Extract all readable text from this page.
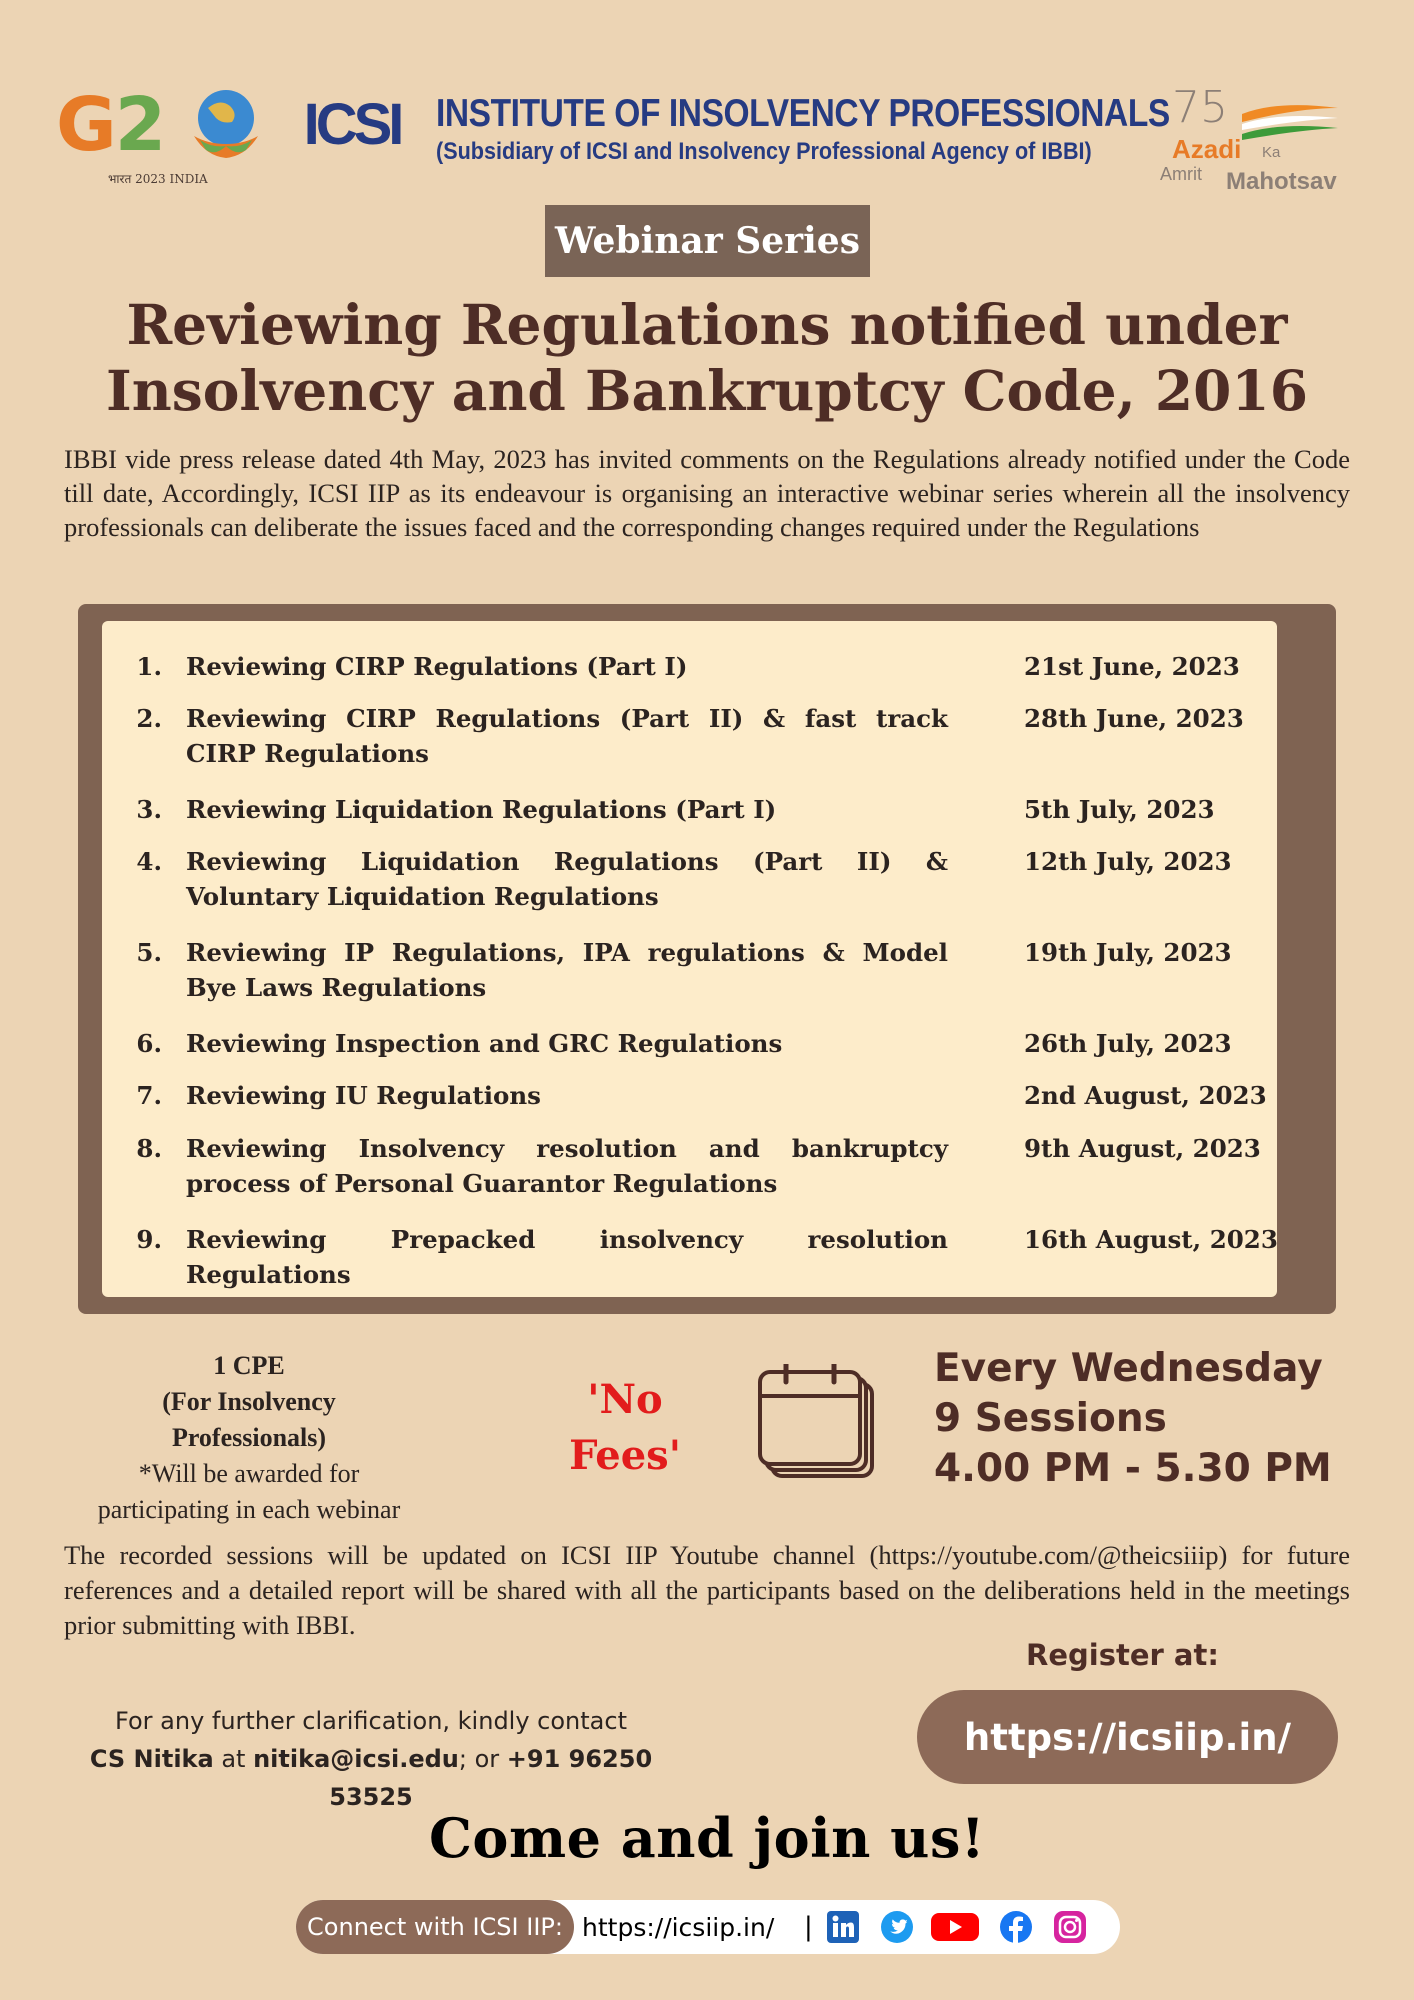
G2
भारत 2023 INDIA
ICSI INSTITUTE OF INSOLVENCY PROFESSIONALS
(Subsidiary of ICSI and Insolvency Professional Agency of IBBI)
75
Azadi Ka
Amrit Mahotsav
Webinar Series
Reviewing Regulations notified under
Insolvency and Bankruptcy Code, 2016
IBBI vide press release dated 4th May, 2023 has invited comments on the Regulations already notified under the Code till date, Accordingly, ICSI IIP as its endeavour is organising an interactive webinar series wherein all the insolvency professionals can deliberate the issues faced and the corresponding changes required under the Regulations
1. Reviewing CIRP Regulations (Part I)	21st June, 2023
2. Reviewing CIRP Regulations (Part II) & fast track CIRP Regulations
28th June, 2023
3. Reviewing Liquidation Regulations (Part I)	5th July, 2023
4. Reviewing Liquidation Regulations (Part II) & Voluntary Liquidation Regulations
12th July, 2023
5. Reviewing IP Regulations, IPA regulations & Model Bye Laws Regulations
19th July, 2023
6. Reviewing Inspection and GRC Regulations	26th July, 2023
7. Reviewing IU Regulations	2nd August, 2023
8. Reviewing Insolvency resolution and bankruptcy process of Personal Guarantor Regulations
9th August, 2023
9. Reviewing Prepacked insolvency resolution Regulations
16th August, 2023
1 CPE
(For Insolvency Professionals)
*Will be awarded for
participating in each webinar
'No
Fees'
Every Wednesday
9 Sessions
4.00 PM - 5.30 PM
The recorded sessions will be updated on ICSI IIP Youtube channel (https://youtube.com/@theicsiiip) for future references and a detailed report will be shared with all the participants based on the deliberations held in the meetings prior submitting with IBBI.
Register at:
https://icsiip.in/
For any further clarification, kindly contact
CS Nitika at nitika@icsi.edu; or +91 96250 53525
Come and join us!
Connect with ICSI IIP: https://icsiip.in/ |
